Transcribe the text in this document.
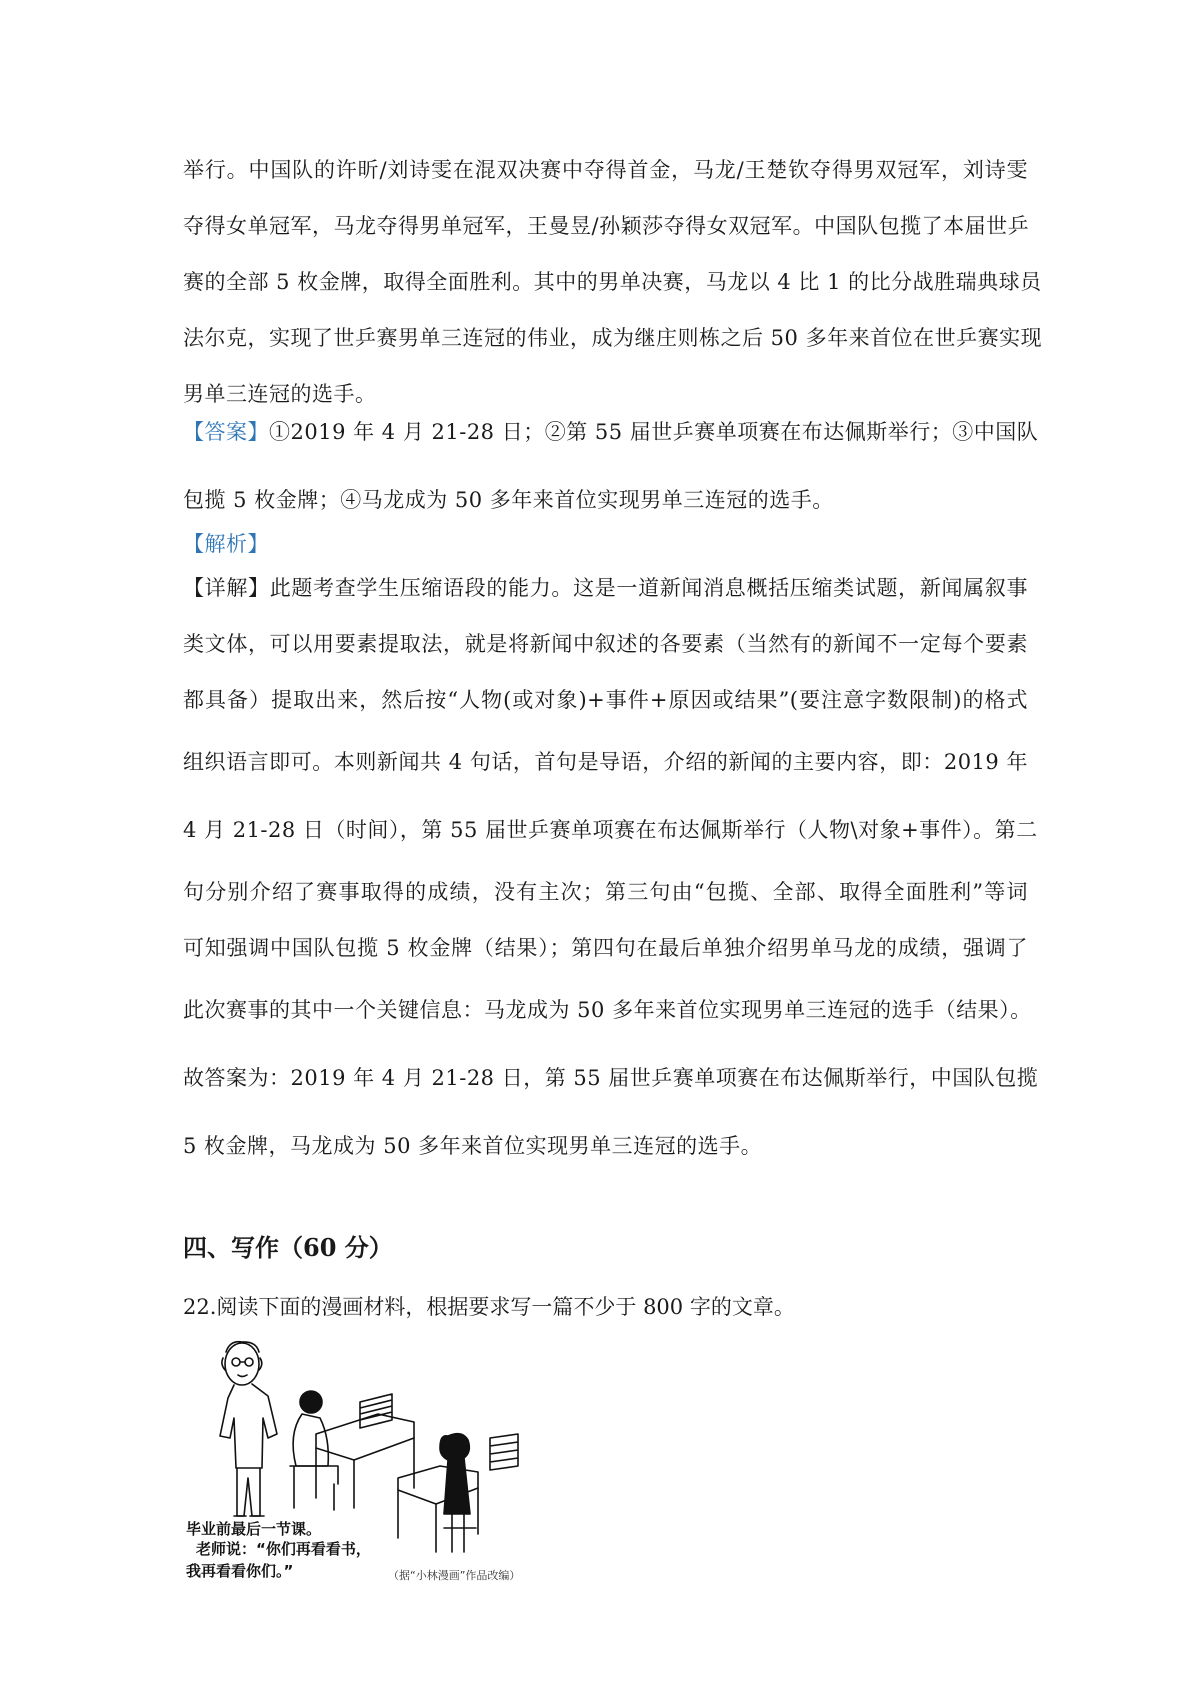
举行。中国队的许昕/刘诗雯在混双决赛中夺得首金，马龙/王楚钦夺得男双冠军，刘诗雯
夺得女单冠军，马龙夺得男单冠军，王曼昱/孙颖莎夺得女双冠军。中国队包揽了本届世乒
赛的全部 5 枚金牌，取得全面胜利。其中的男单决赛，马龙以 4 比 1 的比分战胜瑞典球员
法尔克，实现了世乒赛男单三连冠的伟业，成为继庄则栋之后 50 多年来首位在世乒赛实现
男单三连冠的选手。
【答案】①2019 年 4 月 21-28 日；②第 55 届世乒赛单项赛在布达佩斯举行；③中国队
包揽 5 枚金牌；④马龙成为 50 多年来首位实现男单三连冠的选手。
【解析】
【详解】此题考查学生压缩语段的能力。这是一道新闻消息概括压缩类试题，新闻属叙事
类文体，可以用要素提取法，就是将新闻中叙述的各要素（当然有的新闻不一定每个要素
都具备）提取出来，然后按“人物(或对象)+事件+原因或结果”(要注意字数限制)的格式
组织语言即可。本则新闻共 4 句话，首句是导语，介绍的新闻的主要内容，即：2019 年
4 月 21-28 日（时间），第 55 届世乒赛单项赛在布达佩斯举行（人物\对象+事件）。第二
句分别介绍了赛事取得的成绩，没有主次；第三句由“包揽、全部、取得全面胜利”等词
可知强调中国队包揽 5 枚金牌（结果）；第四句在最后单独介绍男单马龙的成绩，强调了
此次赛事的其中一个关键信息：马龙成为 50 多年来首位实现男单三连冠的选手（结果）。
故答案为：2019 年 4 月 21-28 日，第 55 届世乒赛单项赛在布达佩斯举行，中国队包揽
5 枚金牌，马龙成为 50 多年来首位实现男单三连冠的选手。
四、写作（60 分）
22.阅读下面的漫画材料，根据要求写一篇不少于 800 字的文章。
毕业前最后一节课。
老师说：“你们再看看书，
我再看看你们。”	（据“小林漫画”作品改编）
